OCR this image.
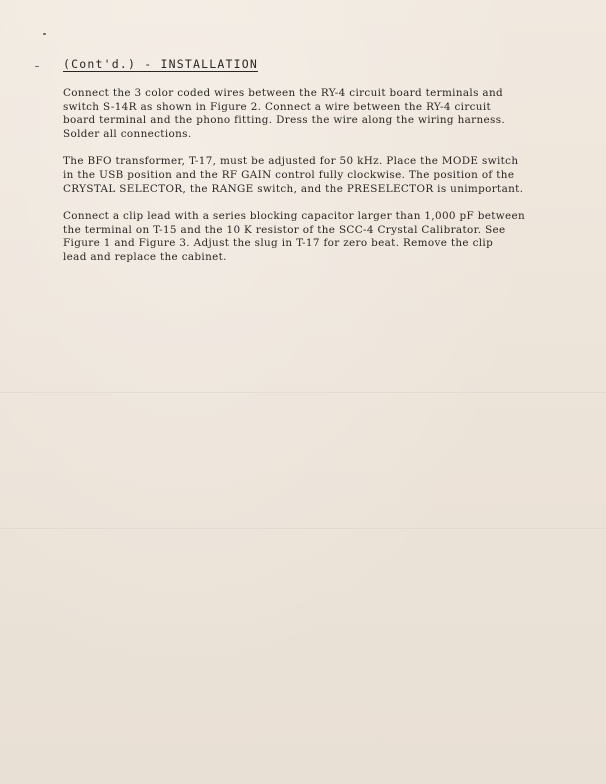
(Cont'd.) - INSTALLATION

Connect the 3 color coded wires between the RY-4 circuit board terminals and
switch S-14R as shown in Figure 2. Connect a wire between the RY-4 circuit
board terminal and the phono fitting. Dress the wire along the wiring harness.
Solder all connections.

The BFO transformer, T-17, must be adjusted for 50 kHz. Place the MODE switch
in the USB position and the RF GAIN control fully clockwise. The position of the
CRYSTAL SELECTOR, the RANGE switch, and the PRESELECTOR is unimportant.

Connect a clip lead with a series blocking capacitor larger than 1,000 pF between
the terminal on T-15 and the 10 K resistor of the SCC-4 Crystal Calibrator. See
Figure 1 and Figure 3. Adjust the slug in T-17 for zero beat. Remove the clip
lead and replace the cabinet.
